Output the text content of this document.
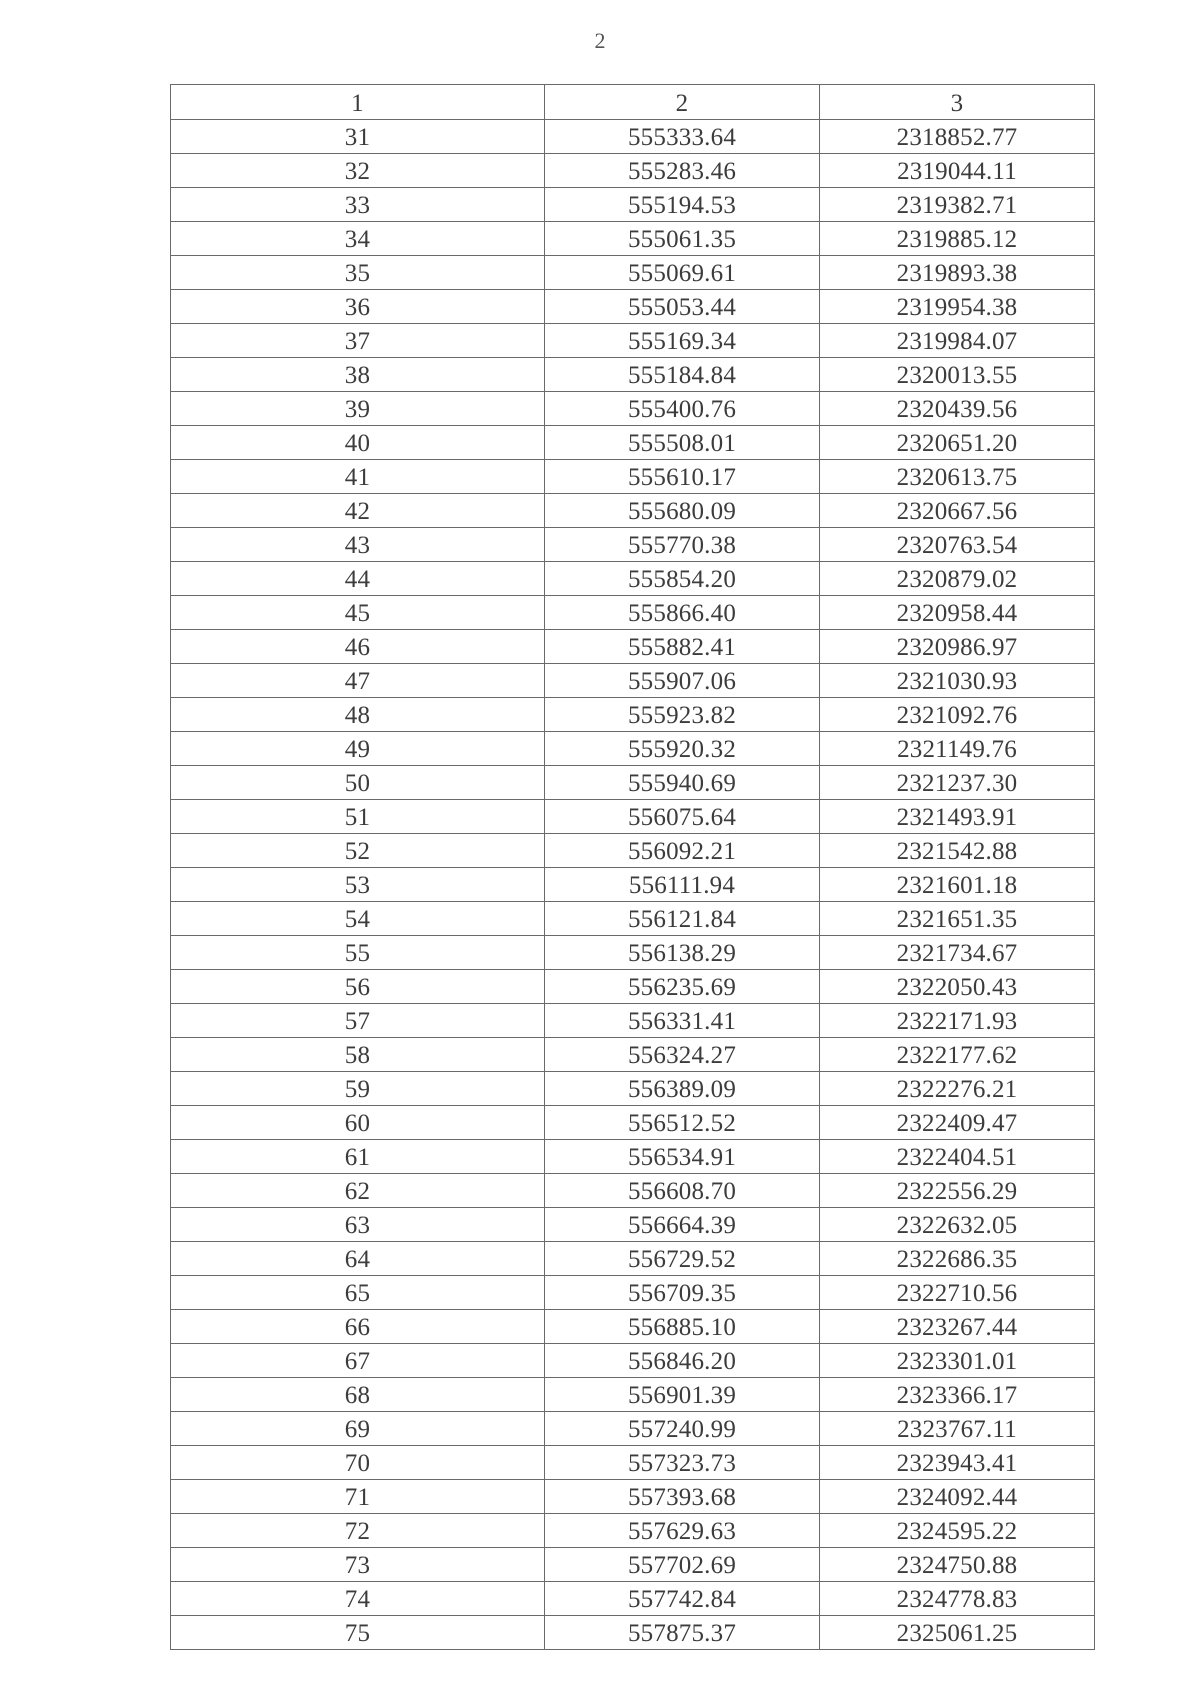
2
1	2	3
31	555333.64	2318852.77
32	555283.46	2319044.11
33	555194.53	2319382.71
34	555061.35	2319885.12
35	555069.61	2319893.38
36	555053.44	2319954.38
37	555169.34	2319984.07
38	555184.84	2320013.55
39	555400.76	2320439.56
40	555508.01	2320651.20
41	555610.17	2320613.75
42	555680.09	2320667.56
43	555770.38	2320763.54
44	555854.20	2320879.02
45	555866.40	2320958.44
46	555882.41	2320986.97
47	555907.06	2321030.93
48	555923.82	2321092.76
49	555920.32	2321149.76
50	555940.69	2321237.30
51	556075.64	2321493.91
52	556092.21	2321542.88
53	556111.94	2321601.18
54	556121.84	2321651.35
55	556138.29	2321734.67
56	556235.69	2322050.43
57	556331.41	2322171.93
58	556324.27	2322177.62
59	556389.09	2322276.21
60	556512.52	2322409.47
61	556534.91	2322404.51
62	556608.70	2322556.29
63	556664.39	2322632.05
64	556729.52	2322686.35
65	556709.35	2322710.56
66	556885.10	2323267.44
67	556846.20	2323301.01
68	556901.39	2323366.17
69	557240.99	2323767.11
70	557323.73	2323943.41
71	557393.68	2324092.44
72	557629.63	2324595.22
73	557702.69	2324750.88
74	557742.84	2324778.83
75	557875.37	2325061.25
